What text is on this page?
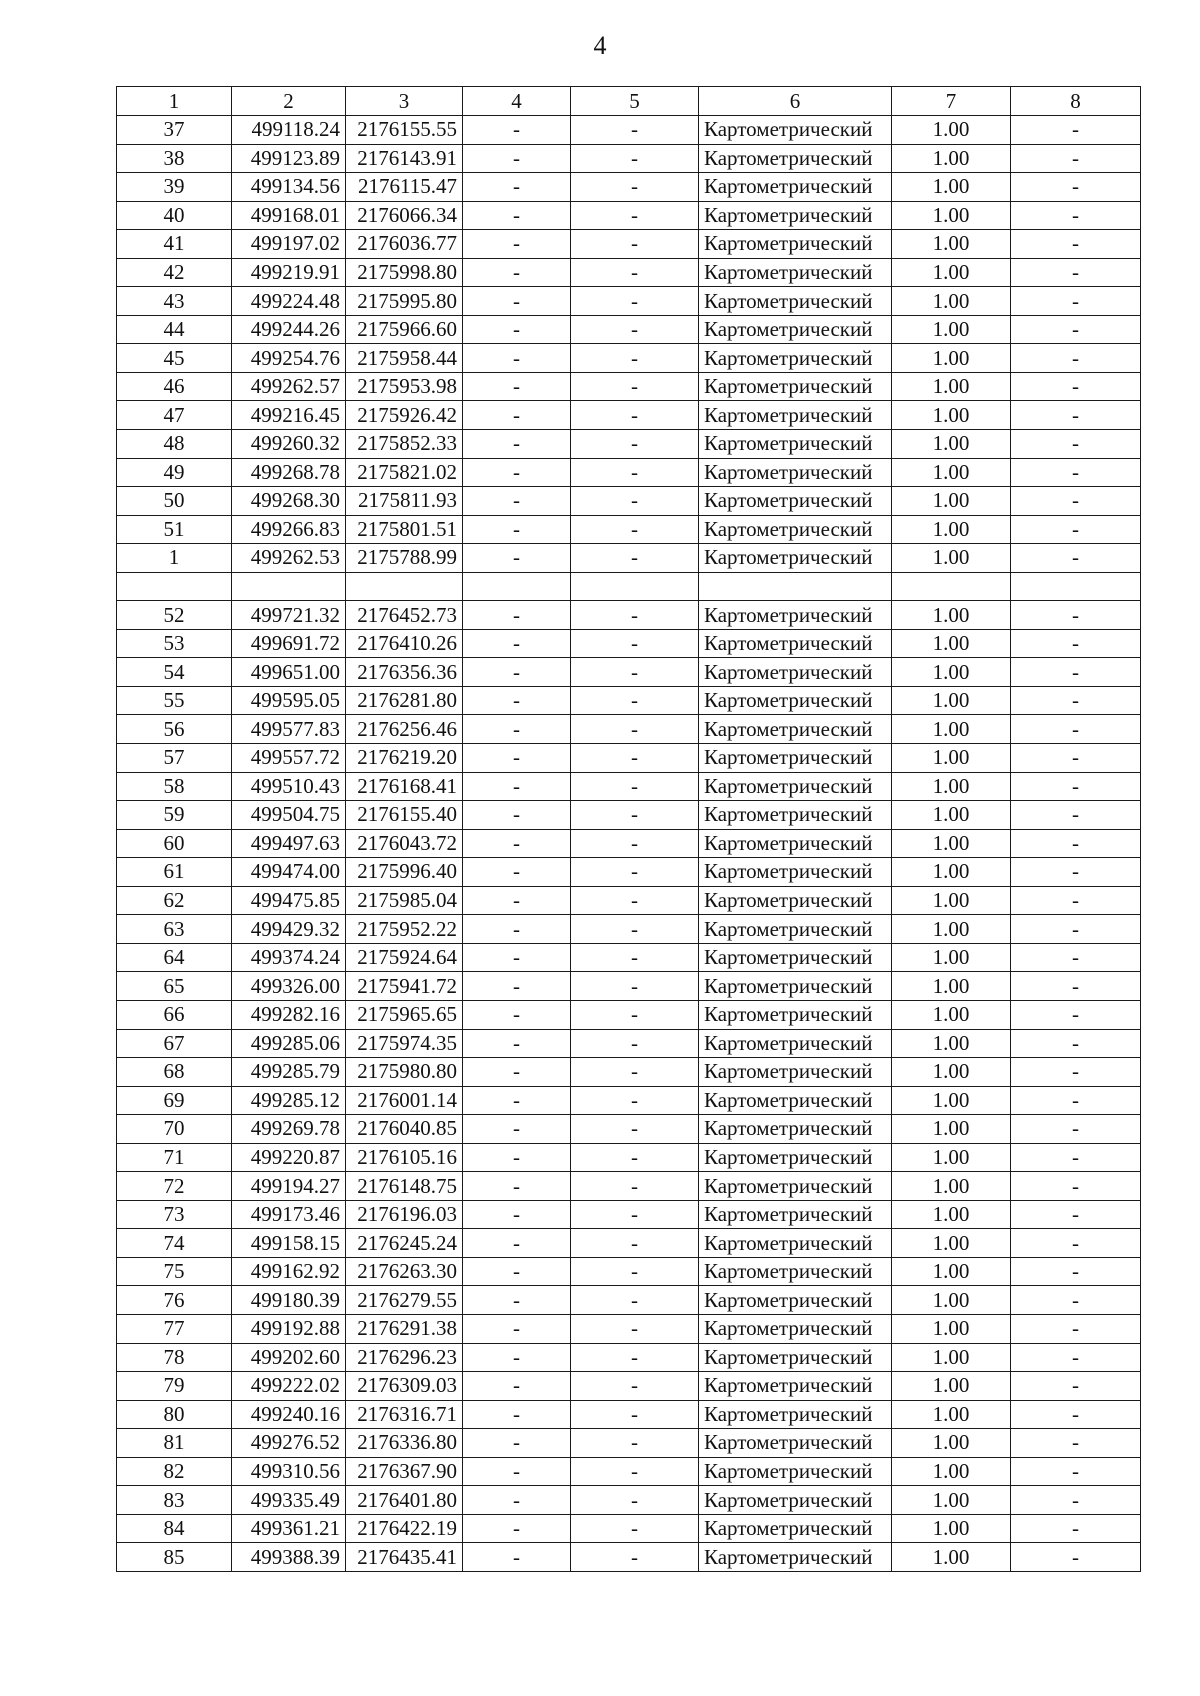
4
1	2	3	4	5	6	7	8
37	499118.24	2176155.55	-	-	Картометрический	1.00	-
38	499123.89	2176143.91	-	-	Картометрический	1.00	-
39	499134.56	2176115.47	-	-	Картометрический	1.00	-
40	499168.01	2176066.34	-	-	Картометрический	1.00	-
41	499197.02	2176036.77	-	-	Картометрический	1.00	-
42	499219.91	2175998.80	-	-	Картометрический	1.00	-
43	499224.48	2175995.80	-	-	Картометрический	1.00	-
44	499244.26	2175966.60	-	-	Картометрический	1.00	-
45	499254.76	2175958.44	-	-	Картометрический	1.00	-
46	499262.57	2175953.98	-	-	Картометрический	1.00	-
47	499216.45	2175926.42	-	-	Картометрический	1.00	-
48	499260.32	2175852.33	-	-	Картометрический	1.00	-
49	499268.78	2175821.02	-	-	Картометрический	1.00	-
50	499268.30	2175811.93	-	-	Картометрический	1.00	-
51	499266.83	2175801.51	-	-	Картометрический	1.00	-
1	499262.53	2175788.99	-	-	Картометрический	1.00	-

52	499721.32	2176452.73	-	-	Картометрический	1.00	-
53	499691.72	2176410.26	-	-	Картометрический	1.00	-
54	499651.00	2176356.36	-	-	Картометрический	1.00	-
55	499595.05	2176281.80	-	-	Картометрический	1.00	-
56	499577.83	2176256.46	-	-	Картометрический	1.00	-
57	499557.72	2176219.20	-	-	Картометрический	1.00	-
58	499510.43	2176168.41	-	-	Картометрический	1.00	-
59	499504.75	2176155.40	-	-	Картометрический	1.00	-
60	499497.63	2176043.72	-	-	Картометрический	1.00	-
61	499474.00	2175996.40	-	-	Картометрический	1.00	-
62	499475.85	2175985.04	-	-	Картометрический	1.00	-
63	499429.32	2175952.22	-	-	Картометрический	1.00	-
64	499374.24	2175924.64	-	-	Картометрический	1.00	-
65	499326.00	2175941.72	-	-	Картометрический	1.00	-
66	499282.16	2175965.65	-	-	Картометрический	1.00	-
67	499285.06	2175974.35	-	-	Картометрический	1.00	-
68	499285.79	2175980.80	-	-	Картометрический	1.00	-
69	499285.12	2176001.14	-	-	Картометрический	1.00	-
70	499269.78	2176040.85	-	-	Картометрический	1.00	-
71	499220.87	2176105.16	-	-	Картометрический	1.00	-
72	499194.27	2176148.75	-	-	Картометрический	1.00	-
73	499173.46	2176196.03	-	-	Картометрический	1.00	-
74	499158.15	2176245.24	-	-	Картометрический	1.00	-
75	499162.92	2176263.30	-	-	Картометрический	1.00	-
76	499180.39	2176279.55	-	-	Картометрический	1.00	-
77	499192.88	2176291.38	-	-	Картометрический	1.00	-
78	499202.60	2176296.23	-	-	Картометрический	1.00	-
79	499222.02	2176309.03	-	-	Картометрический	1.00	-
80	499240.16	2176316.71	-	-	Картометрический	1.00	-
81	499276.52	2176336.80	-	-	Картометрический	1.00	-
82	499310.56	2176367.90	-	-	Картометрический	1.00	-
83	499335.49	2176401.80	-	-	Картометрический	1.00	-
84	499361.21	2176422.19	-	-	Картометрический	1.00	-
85	499388.39	2176435.41	-	-	Картометрический	1.00	-
